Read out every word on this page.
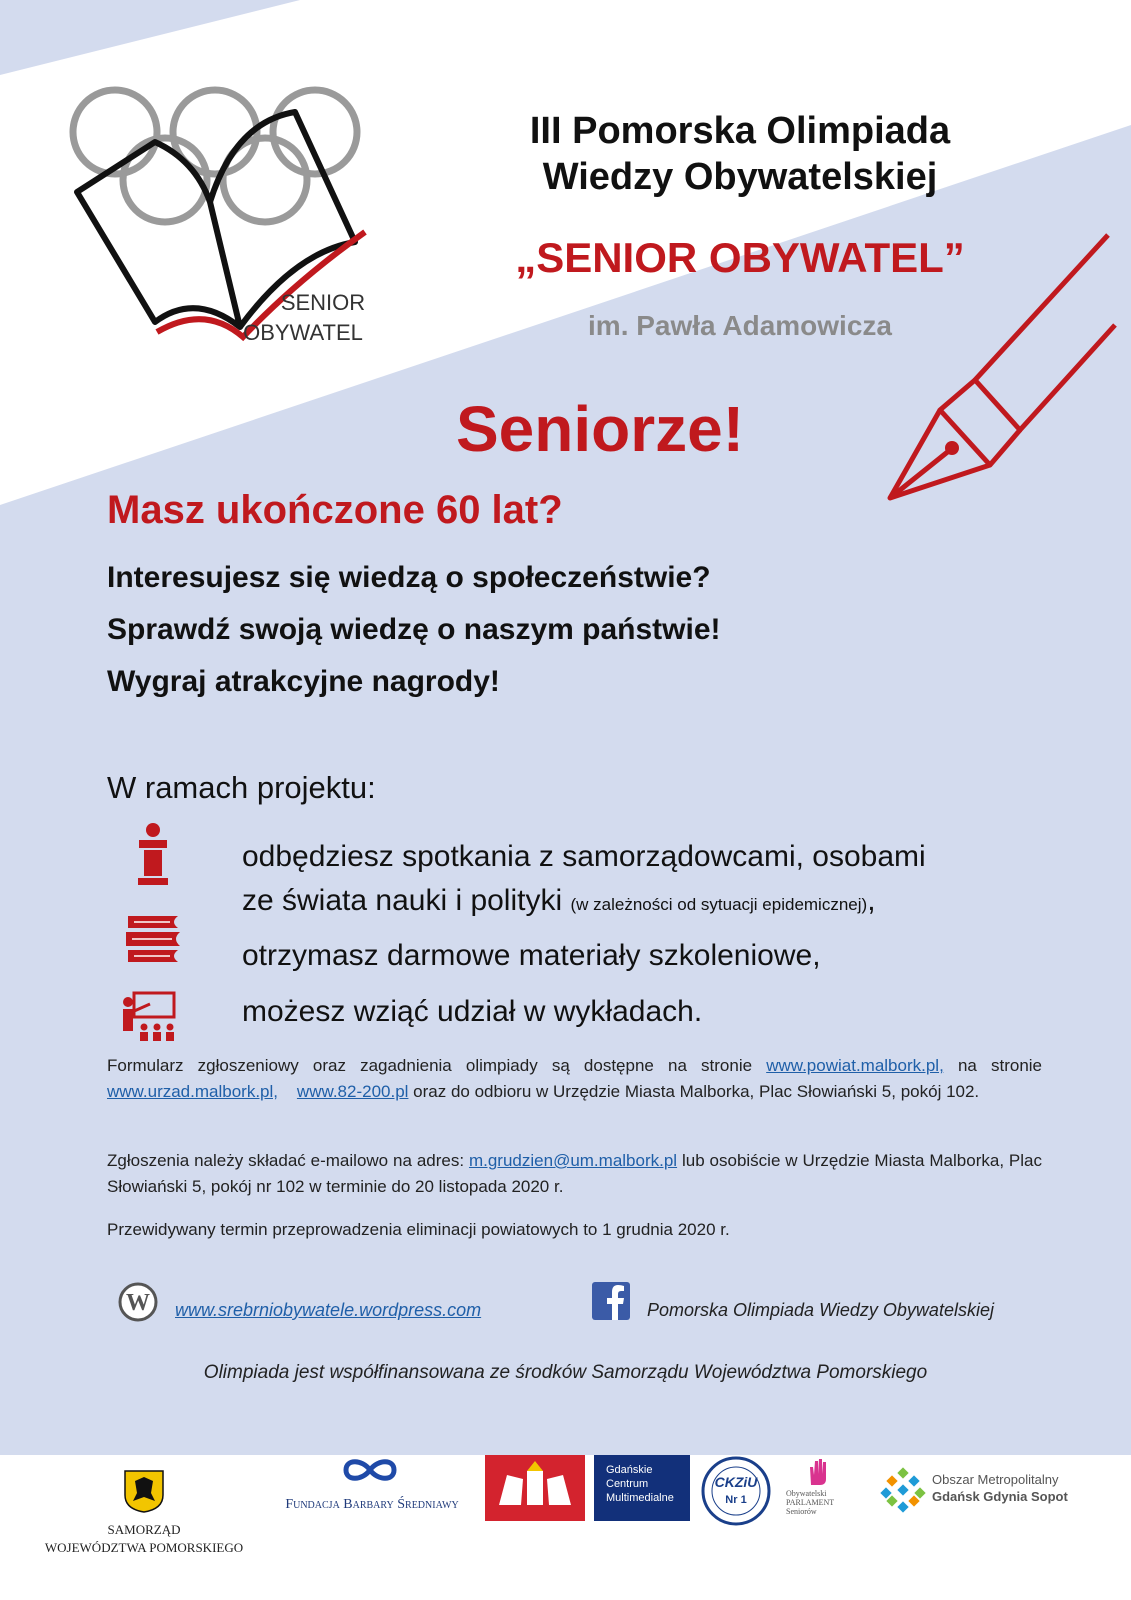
SENIOR
OBYWATEL
III Pomorska Olimpiada
Wiedzy Obywatelskiej
„SENIOR OBYWATEL”
im. Pawła Adamowicza
Seniorze!
Masz ukończone 60 lat?
Interesujesz się wiedzą o społeczeństwie?
Sprawdź swoją wiedzę o naszym państwie!
Wygraj atrakcyjne nagrody!
W ramach projektu:
odbędziesz spotkania z samorządowcami, osobami
ze świata nauki i polityki (w zależności od sytuacji epidemicznej),
otrzymasz darmowe materiały szkoleniowe,
możesz wziąć udział w wykładach.
Formularz zgłoszeniowy oraz zagadnienia olimpiady są dostępne na stronie www.powiat.malbork.pl, na stronie www.urzad.malbork.pl, www.82-200.pl oraz do odbioru w Urzędzie Miasta Malborka, Plac Słowiański 5, pokój 102.
Zgłoszenia należy składać e-mailowo na adres: m.grudzien@um.malbork.pl lub osobiście w Urzędzie Miasta Malborka, Plac Słowiański 5, pokój nr 102 w terminie do 20 listopada 2020 r.
Przewidywany termin przeprowadzenia eliminacji powiatowych to 1 grudnia 2020 r.
W www.srebrniobywatele.wordpress.com	Pomorska Olimpiada Wiedzy Obywatelskiej
Olimpiada jest współfinansowana ze środków Samorządu Województwa Pomorskiego
SAMORZĄD
WOJEWÓDZTWA POMORSKIEGO
Fundacja Barbary Średniawy
Gdańskie
Centrum
Multimedialne
CKZiU
Nr 1
Obywatelski
PARLAMENT
Seniorów
Obszar Metropolitalny
Gdańsk Gdynia Sopot
